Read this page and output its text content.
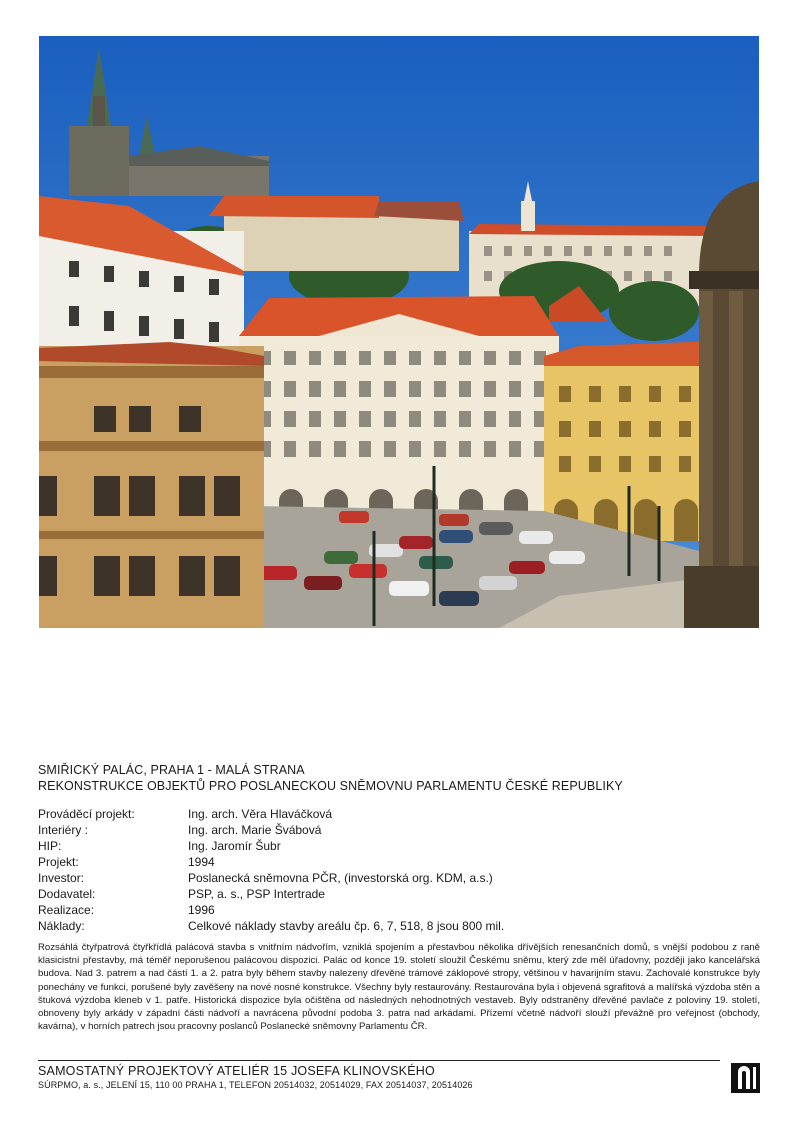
SMIŘICKÝ PALÁC, PRAHA 1 - MALÁ STRANA
REKONSTRUKCE OBJEKTŮ PRO POSLANECKOU SNĚMOVNU PARLAMENTU ČESKÉ REPUBLIKY
Prováděcí projekt:	Ing. arch. Věra Hlaváčková
Interiéry :	Ing. arch. Marie Švábová
HIP:	Ing. Jaromír Šubr
Projekt:	1994
Investor:	Poslanecká sněmovna PČR, (investorská org. KDM, a.s.)
Dodavatel:	PSP, a. s., PSP Intertrade
Realizace:	1996
Náklady:	Celkové náklady stavby areálu čp. 6, 7, 518, 8 jsou 800 mil.
Rozsáhlá čtyřpatrová čtyřkřídlá palácová stavba s vnitřním nádvořím, vzniklá spojením a přestavbou několika dřívějších renesančních domů, s vnější podobou z raně klasicistní přestavby, má téměř neporušenou palácovou dispozici. Palác od konce 19. století sloužil Českému sněmu, který zde měl úřadovny, později jako kancelářská budova. Nad 3. patrem a nad částí 1. a 2. patra byly během stavby nalezeny dřevěné trámové záklopové stropy, většinou v havarijním stavu. Zachovalé konstrukce byly ponechány ve funkci, porušené byly zavěšeny na nové nosné konstrukce. Všechny byly restaurovány. Restaurována byla i objevená sgrafitová a malířská výzdoba stěn a štuková výzdoba kleneb v 1. patře. Historická dispozice byla očištěna od následných nehodnotných vestaveb. Byly odstraněny dřevěné pavlače z poloviny 19. století, obnoveny byly arkády v západní části nádvoří a navrácena původní podoba 3. patra nad arkádami. Přízemí včetně nádvoří slouží převážně pro veřejnost (obchody, kavárna), v horních patrech jsou pracovny poslanců Poslanecké sněmovny Parlamentu ČR.
SAMOSTATNÝ PROJEKTOVÝ ATELIÉR 15 JOSEFA KLINOVSKÉHO
SÚRPMO, a. s., JELENÍ 15, 110 00 PRAHA 1, TELEFON 20514032, 20514029, FAX 20514037, 20514026
